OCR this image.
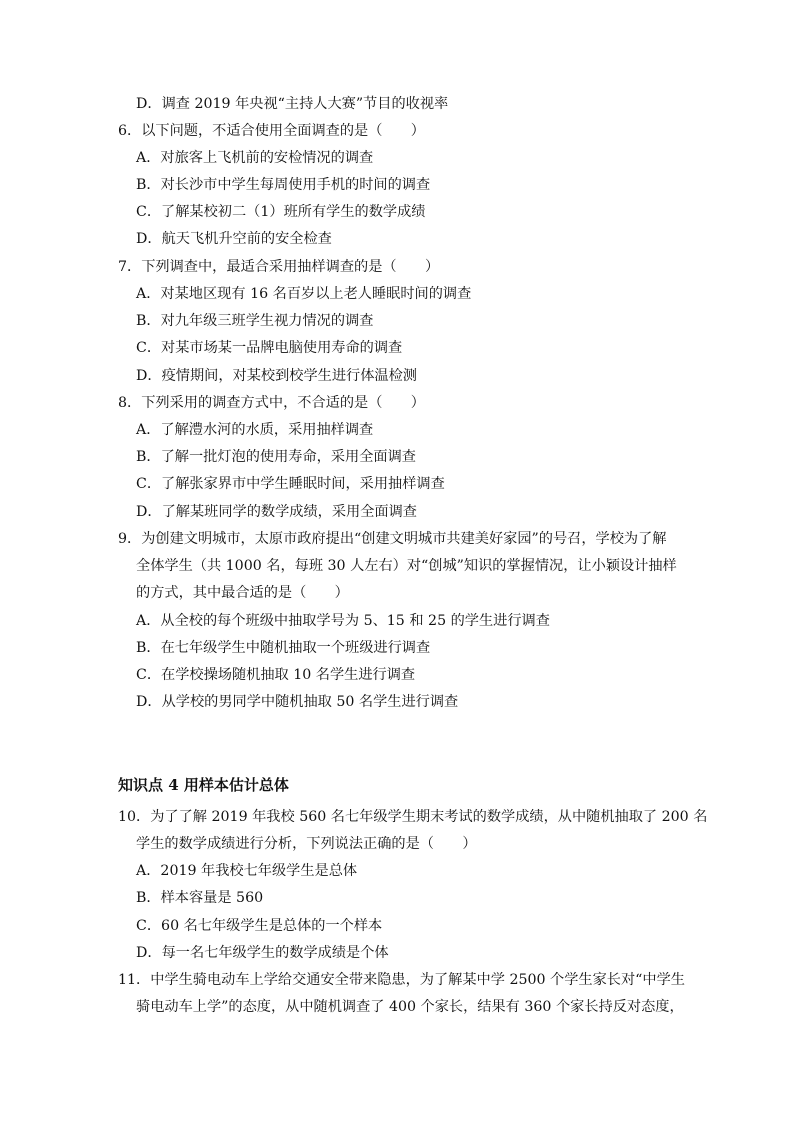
D．调查 2019 年央视“主持人大赛”节目的收视率
6．以下问题，不适合使用全面调查的是（　　）
A．对旅客上飞机前的安检情况的调查
B．对长沙市中学生每周使用手机的时间的调查
C．了解某校初二（1）班所有学生的数学成绩
D．航天飞机升空前的安全检查
7．下列调查中，最适合采用抽样调查的是（　　）
A．对某地区现有 16 名百岁以上老人睡眠时间的调查
B．对九年级三班学生视力情况的调查
C．对某市场某一品牌电脑使用寿命的调查
D．疫情期间，对某校到校学生进行体温检测
8．下列采用的调查方式中，不合适的是（　　）
A．了解澧水河的水质，采用抽样调查
B．了解一批灯泡的使用寿命，采用全面调查
C．了解张家界市中学生睡眠时间，采用抽样调查
D．了解某班同学的数学成绩，采用全面调查
9．为创建文明城市，太原市政府提出“创建文明城市共建美好家园”的号召，学校为了解
全体学生（共 1000 名，每班 30 人左右）对“创城”知识的掌握情况，让小颖设计抽样
的方式，其中最合适的是（　　）
A．从全校的每个班级中抽取学号为 5、15 和 25 的学生进行调查
B．在七年级学生中随机抽取一个班级进行调查
C．在学校操场随机抽取 10 名学生进行调查
D．从学校的男同学中随机抽取 50 名学生进行调查
知识点 4 用样本估计总体
10．为了了解 2019 年我校 560 名七年级学生期末考试的数学成绩，从中随机抽取了 200 名
学生的数学成绩进行分析，下列说法正确的是（　　）
A．2019 年我校七年级学生是总体
B．样本容量是 560
C．60 名七年级学生是总体的一个样本
D．每一名七年级学生的数学成绩是个体
11．中学生骑电动车上学给交通安全带来隐患，为了解某中学 2500 个学生家长对“中学生
骑电动车上学”的态度，从中随机调查了 400 个家长，结果有 360 个家长持反对态度，
